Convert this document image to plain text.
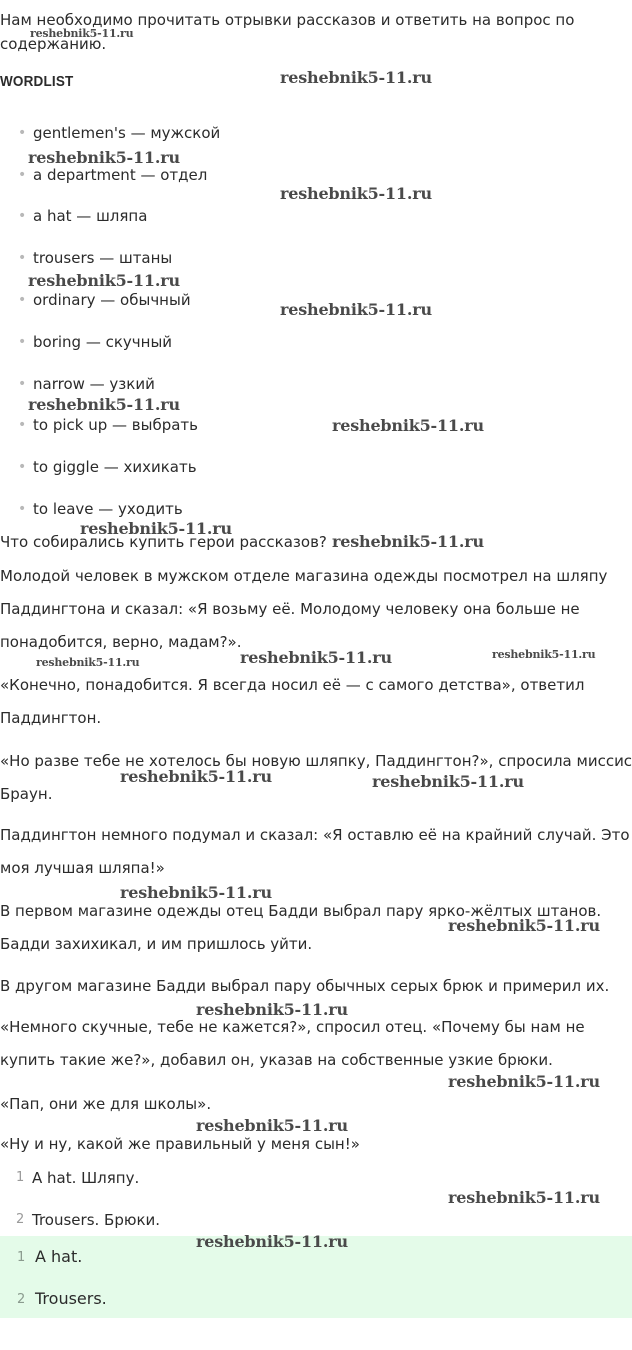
Нам необходимо прочитать отрывки рассказов и ответить на вопрос по содержанию.

WORDLIST
• gentlemen's — мужской
• a department — отдел
• a hat — шляпа
• trousers — штаны
• ordinary — обычный
• boring — скучный
• narrow — узкий
• to pick up — выбрать
• to giggle — хихикать
• to leave — уходить

Что собирались купить герои рассказов?

Молодой человек в мужском отделе магазина одежды посмотрел на шляпу

Паддингтона и сказал: «Я возьму её. Молодому человеку она больше не

понадобится, верно, мадам?».

«Конечно, понадобится. Я всегда носил её — с самого детства», ответил

Паддингтон.

«Но разве тебе не хотелось бы новую шляпку, Паддингтон?», спросила миссис

Браун.

Паддингтон немного подумал и сказал: «Я оставлю её на крайний случай. Это

моя лучшая шляпа!»

В первом магазине одежды отец Бадди выбрал пару ярко-жёлтых штанов.

Бадди захихикал, и им пришлось уйти.

В другом магазине Бадди выбрал пару обычных серых брюк и примерил их.

«Немного скучные, тебе не кажется?», спросил отец. «Почему бы нам не

купить такие же?», добавил он, указав на собственные узкие брюки.

«Пап, они же для школы».

«Ну и ну, какой же правильный у меня сын!»

1 A hat. Шляпу.
2 Trousers. Брюки.
1 A hat.
2 Trousers.
reshebnik5-11.ru
reshebnik5-11.ru
reshebnik5-11.ru
reshebnik5-11.ru
reshebnik5-11.ru
reshebnik5-11.ru
reshebnik5-11.ru
reshebnik5-11.ru
reshebnik5-11.ru
reshebnik5-11.ru
reshebnik5-11.ru	reshebnik5-11.ru	reshebnik5-11.ru
reshebnik5-11.ru	reshebnik5-11.ru
reshebnik5-11.ru
reshebnik5-11.ru
reshebnik5-11.ru
reshebnik5-11.ru
reshebnik5-11.ru
reshebnik5-11.ru
reshebnik5-11.ru
